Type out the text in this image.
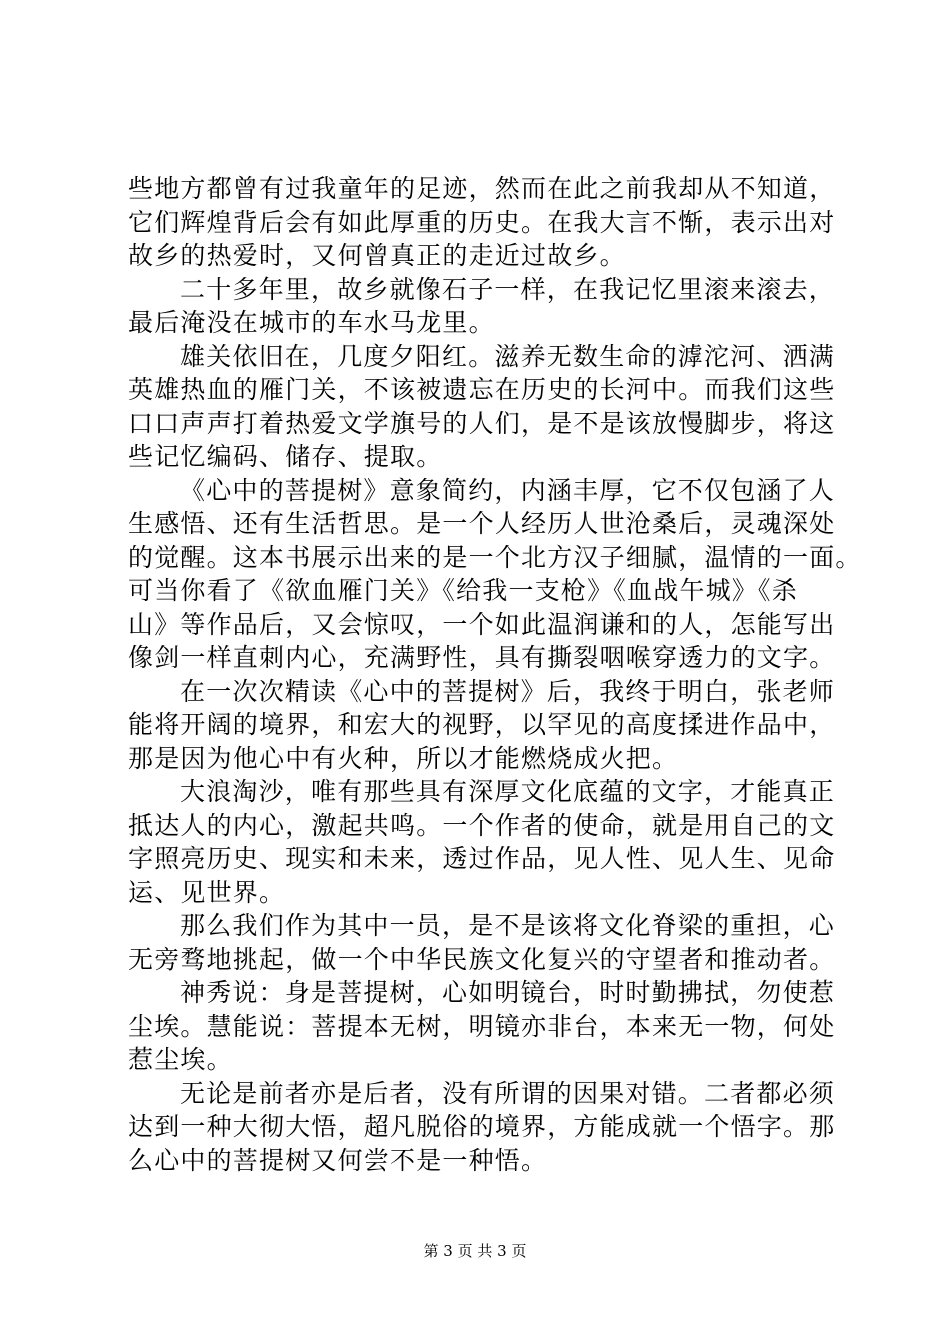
些地方都曾有过我童年的足迹，然而在此之前我却从不知道，
它们辉煌背后会有如此厚重的历史。在我大言不惭，表示出对
故乡的热爱时，又何曾真正的走近过故乡。
二十多年里，故乡就像石子一样，在我记忆里滚来滚去，
最后淹没在城市的车水马龙里。
雄关依旧在，几度夕阳红。滋养无数生命的滹沱河、洒满
英雄热血的雁门关，不该被遗忘在历史的长河中。而我们这些
口口声声打着热爱文学旗号的人们，是不是该放慢脚步，将这
些记忆编码、储存、提取。
《心中的菩提树》意象简约，内涵丰厚，它不仅包涵了人
生感悟、还有生活哲思。是一个人经历人世沧桑后，灵魂深处
的觉醒。这本书展示出来的是一个北方汉子细腻，温情的一面。
可当你看了《欲血雁门关》《给我一支枪》《血战午城》《杀
山》等作品后，又会惊叹，一个如此温润谦和的人，怎能写出
像剑一样直刺内心，充满野性，具有撕裂咽喉穿透力的文字。
在一次次精读《心中的菩提树》后，我终于明白，张老师
能将开阔的境界，和宏大的视野，以罕见的高度揉进作品中，
那是因为他心中有火种，所以才能燃烧成火把。
大浪淘沙，唯有那些具有深厚文化底蕴的文字，才能真正
抵达人的内心，激起共鸣。一个作者的使命，就是用自己的文
字照亮历史、现实和未来，透过作品，见人性、见人生、见命
运、见世界。
那么我们作为其中一员，是不是该将文化脊梁的重担，心
无旁骛地挑起，做一个中华民族文化复兴的守望者和推动者。
神秀说：身是菩提树，心如明镜台，时时勤拂拭，勿使惹
尘埃。慧能说：菩提本无树，明镜亦非台，本来无一物，何处
惹尘埃。
无论是前者亦是后者，没有所谓的因果对错。二者都必须
达到一种大彻大悟，超凡脱俗的境界，方能成就一个悟字。那
么心中的菩提树又何尝不是一种悟。
第 3 页 共 3 页
